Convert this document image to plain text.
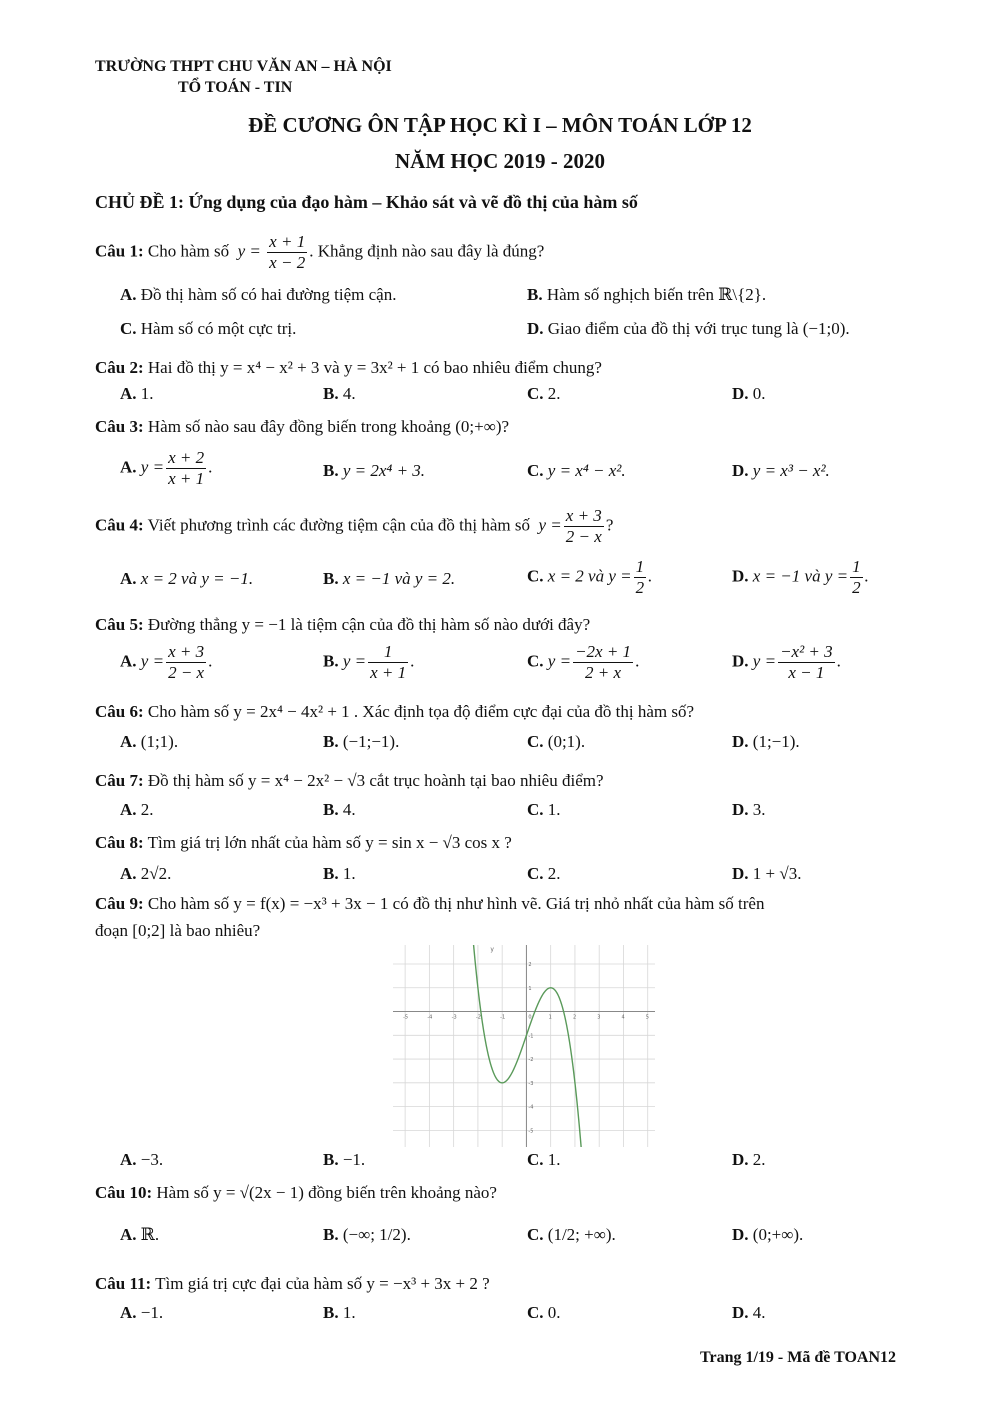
TRƯỜNG THPT CHU VĂN AN – HÀ NỘI
TỔ TOÁN - TIN
ĐỀ CƯƠNG ÔN TẬP HỌC KÌ I – MÔN TOÁN LỚP 12
NĂM HỌC 2019 - 2020
CHỦ ĐỀ 1: Ứng dụng của đạo hàm – Khảo sát và vẽ đồ thị của hàm số
Câu 1: Cho hàm số  $y = \frac{x + 1}{x - 2}$ . Khẳng định nào sau đây là đúng?
A. Đồ thị hàm số có hai đường tiệm cận.	B. Hàm số nghịch biến trên ℝ\{2}.
C. Hàm số có một cực trị.	D. Giao điểm của đồ thị với trục tung là (−1;0).
Câu 2: Hai đồ thị y = x⁴ − x² + 3 và y = 3x² + 1 có bao nhiêu điểm chung?
A. 1.	B. 4.	C. 2.	D. 0.
Câu 3: Hàm số nào sau đây đồng biến trong khoảng (0;+∞)?
A. $y = \frac{x + 2}{x + 1}$ .	B. y = 2x⁴ + 3.	C. y = x⁴ − x².	D. y = x³ − x².
Câu 4: Viết phương trình các đường tiệm cận của đồ thị hàm số  $y = \frac{x + 3}{2 - x}$ ?
A. x = 2 và y = −1.	B. x = −1 và y = 2.	C. x = 2 và $y = \frac{1}{2}$ .	D. x = −1 và $y = \frac{1}{2}$ .
Câu 5: Đường thẳng y = −1 là tiệm cận của đồ thị hàm số nào dưới đây?
A. $y = \frac{x + 3}{2 - x}$ .	B. $y = \frac{1}{x + 1}$ .	C. $y = \frac{-2x + 1}{2 + x}$ .	D. $y = \frac{\text{−x² + 3}}{x - 1}$ .
Câu 6: Cho hàm số y = 2x⁴ − 4x² + 1 . Xác định tọa độ điểm cực đại của đồ thị hàm số?
A. (1;1).	B. (−1;−1).	C. (0;1).	D. (1;−1).
Câu 7: Đồ thị hàm số y = x⁴ − 2x² − √3 cắt trục hoành tại bao nhiêu điểm?
A. 2.	B. 4.	C. 1.	D. 3.
Câu 8: Tìm giá trị lớn nhất của hàm số y = sin x − √3 cos x ?
A. 2√2.	B. 1.	C. 2.	D. 1 + √3.
Câu 9: Cho hàm số y = f(x) = −x³ + 3x − 1 có đồ thị như hình vẽ. Giá trị nhỏ nhất của hàm số trên
đoạn [0;2] là bao nhiêu?
-5	-4	-3	-2	-1	0	1	2	3	4	5
2
1
-1
-2
-3
-4
-5
y
A. −3.	B. −1.	C. 1.	D. 2.
Câu 10: Hàm số y = √(2x − 1) đồng biến trên khoảng nào?
A. ℝ.	B. (−∞; 1/2).	C. (1/2; +∞).	D. (0;+∞).
Câu 11: Tìm giá trị cực đại của hàm số y = −x³ + 3x + 2 ?
A. −1.	B. 1.	C. 0.	D. 4.
Trang 1/19 - Mã đề TOAN12
